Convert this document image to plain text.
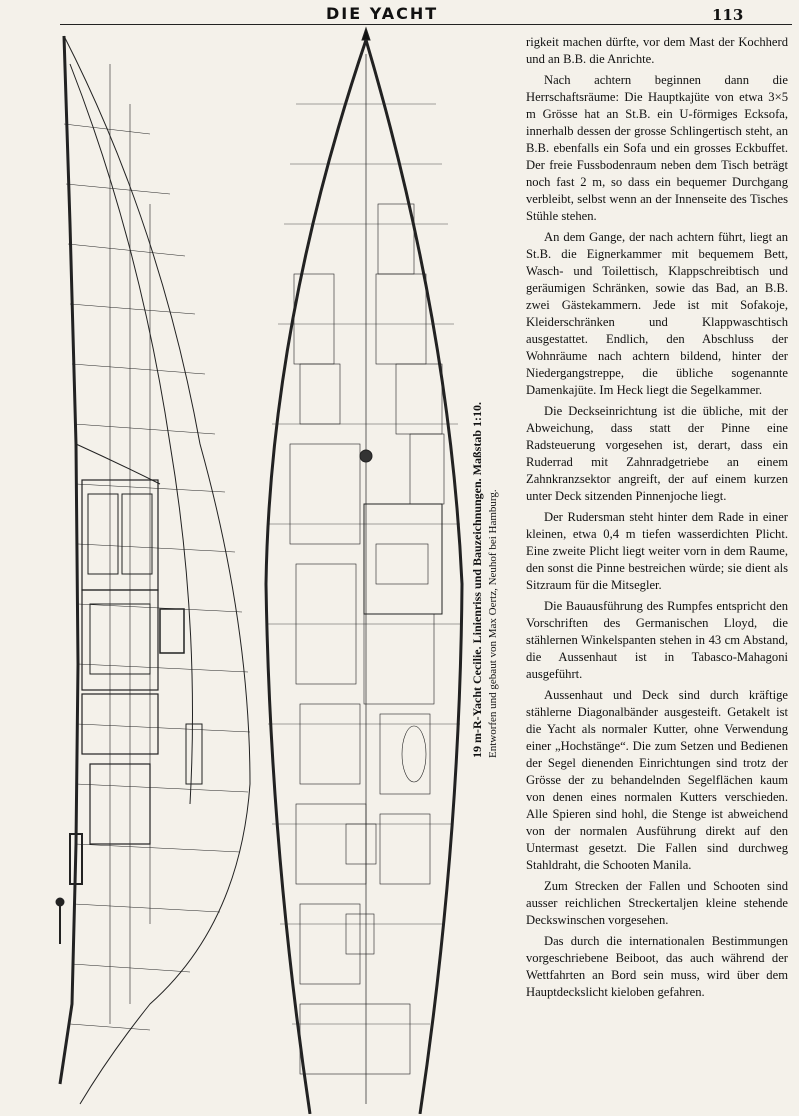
DIE YACHT	113
19 m-R-Yacht Cecilie. Linienriss und Bauzeichnungen. Maßstab 1:10. Entworfen und gebaut von Max Oertz, Neuhof bei Hamburg.

rigkeit machen dürfte, vor dem Mast der Kochherd und an B.B. die Anrichte.

Nach achtern beginnen dann die Herrschaftsräume: Die Hauptkajüte von etwa 3×5 m Grösse hat an St.B. ein U-förmiges Ecksofa, innerhalb dessen der grosse Schlingertisch steht, an B.B. ebenfalls ein Sofa und ein grosses Eckbuffet. Der freie Fussbodenraum neben dem Tisch beträgt noch fast 2 m, so dass ein bequemer Durchgang verbleibt, selbst wenn an der Innenseite des Tisches Stühle stehen.

An dem Gange, der nach achtern führt, liegt an St.B. die Eignerkammer mit bequemem Bett, Wasch- und Toilettisch, Klappschreibtisch und geräumigen Schränken, sowie das Bad, an B.B. zwei Gästekammern. Jede ist mit Sofakoje, Kleiderschränken und Klappwaschtisch ausgestattet. Endlich, den Abschluss der Wohnräume nach achtern bildend, hinter der Niedergangstreppe, die übliche sogenannte Damenkajüte. Im Heck liegt die Segelkammer.

Die Deckseinrichtung ist die übliche, mit der Abweichung, dass statt der Pinne eine Radsteuerung vorgesehen ist, derart, dass ein Ruderrad mit Zahnradgetriebe an einem Zahnkranzsektor angreift, der auf einem kurzen unter Deck sitzenden Pinnenjoche liegt.

Der Rudersman steht hinter dem Rade in einer kleinen, etwa 0,4 m tiefen wasserdichten Plicht. Eine zweite Plicht liegt weiter vorn in dem Raume, den sonst die Pinne bestreichen würde; sie dient als Sitzraum für die Mitsegler.

Die Bauausführung des Rumpfes entspricht den Vorschriften des Germanischen Lloyd, die stählernen Winkelspanten stehen in 43 cm Abstand, die Aussenhaut ist in Tabasco-Mahagoni ausgeführt.

Aussenhaut und Deck sind durch kräftige stählerne Diagonalbänder ausgesteift. Getakelt ist die Yacht als normaler Kutter, ohne Verwendung einer „Hochstänge“. Die zum Setzen und Bedienen der Segel dienenden Einrichtungen sind trotz der Grösse der zu behandelnden Segelflächen kaum von denen eines normalen Kutters verschieden. Alle Spieren sind hohl, die Stenge ist abweichend von der normalen Ausführung direkt auf den Untermast gesetzt. Die Fallen sind durchweg Stahldraht, die Schooten Manila.

Zum Strecken der Fallen und Schooten sind ausser reichlichen Streckertaljen kleine stehende Deckswinschen vorgesehen.

Das durch die internationalen Bestimmungen vorgeschriebene Beiboot, das auch während der Wettfahrten an Bord sein muss, wird über dem Hauptdeckslicht kieloben gefahren.
